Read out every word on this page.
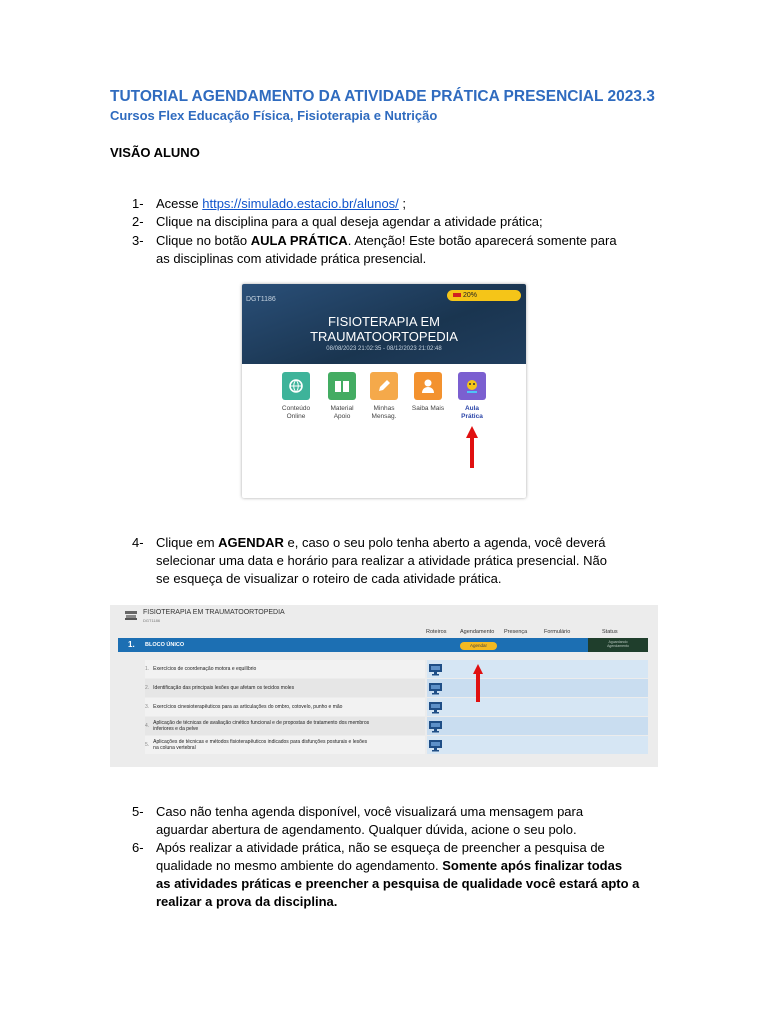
TUTORIAL AGENDAMENTO DA ATIVIDADE PRÁTICA PRESENCIAL 2023.3
Cursos Flex Educação Física, Fisioterapia e Nutrição
VISÃO ALUNO
1- Acesse https://simulado.estacio.br/alunos/ ;
2- Clique na disciplina para a qual deseja agendar a atividade prática;
3- Clique no botão AULA PRÁTICA. Atenção! Este botão aparecerá somente para
as disciplinas com atividade prática presencial.
DGT1186
20%
FISIOTERAPIA EM
TRAUMATOORTOPEDIA
08/08/2023 21:02:35 - 08/12/2023 21:02:48
Conteúdo
Online
Material
Apoio
Minhas
Mensag.
Saiba Mais	Aula
Prática
4- Clique em AGENDAR e, caso o seu polo tenha aberto a agenda, você deverá
selecionar uma data e horário para realizar a atividade prática presencial. Não
se esqueça de visualizar o roteiro de cada atividade prática.
FISIOTERAPIA EM TRAUMATOORTOPEDIA
DGT1186
Roteiros Agendamento Presença	Formulário	Status
1. BLOCO ÚNICO	Aguardando
Agendamento
Agendar
1. Exercícios de coordenação motora e equilíbrio
2. Identificação das principais lesões que afetam os tecidos moles
3. Exercícios cinesioterapêuticos para as articulações do ombro, cotovelo, punho e mão
4. Aplicação de técnicas de avaliação cinético funcional e de propostas de tratamento dos membros
inferiores e da pelve
5. Aplicações de técnicas e métodos fisioterapêuticos indicados para disfunções posturais e lesões
na coluna vertebral
5- Caso não tenha agenda disponível, você visualizará uma mensagem para
aguardar abertura de agendamento. Qualquer dúvida, acione o seu polo.
6- Após realizar a atividade prática, não se esqueça de preencher a pesquisa de
qualidade no mesmo ambiente do agendamento. Somente após finalizar todas
as atividades práticas e preencher a pesquisa de qualidade você estará apto a
realizar a prova da disciplina.
